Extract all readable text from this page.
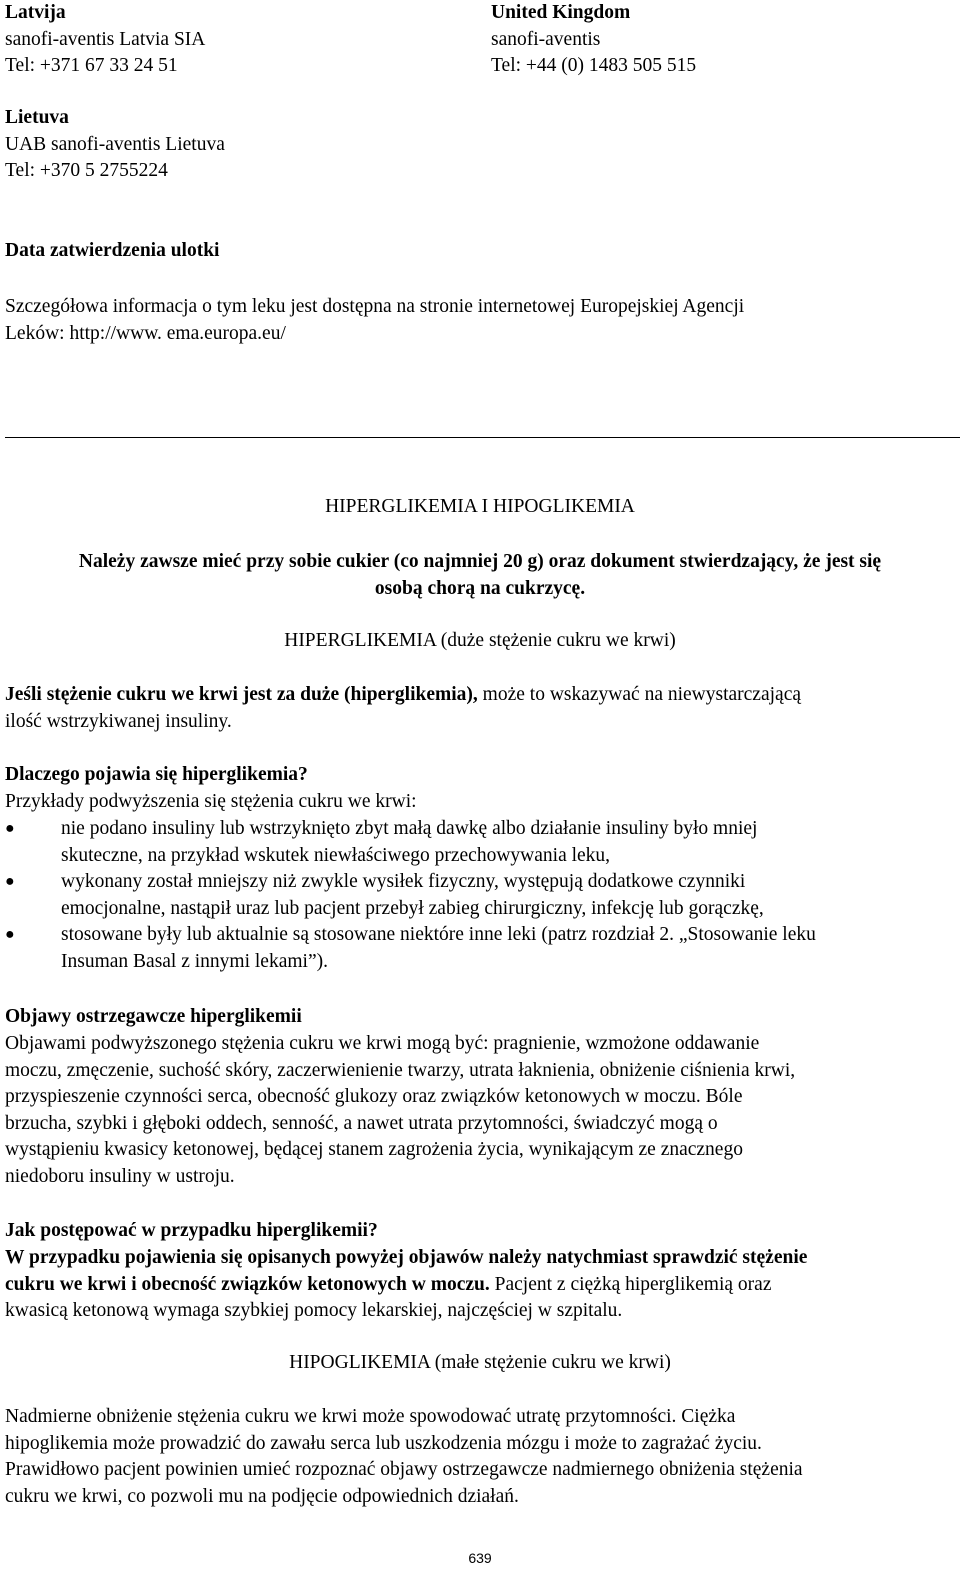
Latvija
sanofi-aventis Latvia SIA
Tel: +371 67 33 24 51
United Kingdom
sanofi-aventis
Tel: +44 (0) 1483 505 515
Lietuva
UAB sanofi-aventis Lietuva
Tel: +370 5 2755224
Data zatwierdzenia ulotki
Szczegółowa informacja o tym leku jest dostępna na stronie internetowej Europejskiej Agencji
Leków: http://www. ema.europa.eu/
HIPERGLIKEMIA I HIPOGLIKEMIA
Należy zawsze mieć przy sobie cukier (co najmniej 20 g) oraz dokument stwierdzający, że jest się
osobą chorą na cukrzycę.
HIPERGLIKEMIA (duże stężenie cukru we krwi)
Jeśli stężenie cukru we krwi jest za duże (hiperglikemia), może to wskazywać na niewystarczającą
ilość wstrzykiwanej insuliny.
Dlaczego pojawia się hiperglikemia?
Przykłady podwyższenia się stężenia cukru we krwi:
● nie podano insuliny lub wstrzyknięto zbyt małą dawkę albo działanie insuliny było mniej
skuteczne, na przykład wskutek niewłaściwego przechowywania leku,
● wykonany został mniejszy niż zwykle wysiłek fizyczny, występują dodatkowe czynniki
emocjonalne, nastąpił uraz lub pacjent przebył zabieg chirurgiczny, infekcję lub gorączkę,
● stosowane były lub aktualnie są stosowane niektóre inne leki (patrz rozdział 2. „Stosowanie leku
Insuman Basal z innymi lekami”).
Objawy ostrzegawcze hiperglikemii
Objawami podwyższonego stężenia cukru we krwi mogą być: pragnienie, wzmożone oddawanie
moczu, zmęczenie, suchość skóry, zaczerwienienie twarzy, utrata łaknienia, obniżenie ciśnienia krwi,
przyspieszenie czynności serca, obecność glukozy oraz związków ketonowych w moczu. Bóle
brzucha, szybki i głęboki oddech, senność, a nawet utrata przytomności, świadczyć mogą o
wystąpieniu kwasicy ketonowej, będącej stanem zagrożenia życia, wynikającym ze znacznego
niedoboru insuliny w ustroju.
Jak postępować w przypadku hiperglikemii?
W przypadku pojawienia się opisanych powyżej objawów należy natychmiast sprawdzić stężenie
cukru we krwi i obecność związków ketonowych w moczu. Pacjent z ciężką hiperglikemią oraz
kwasicą ketonową wymaga szybkiej pomocy lekarskiej, najczęściej w szpitalu.
HIPOGLIKEMIA (małe stężenie cukru we krwi)
Nadmierne obniżenie stężenia cukru we krwi może spowodować utratę przytomności. Ciężka
hipoglikemia może prowadzić do zawału serca lub uszkodzenia mózgu i może to zagrażać życiu.
Prawidłowo pacjent powinien umieć rozpoznać objawy ostrzegawcze nadmiernego obniżenia stężenia
cukru we krwi, co pozwoli mu na podjęcie odpowiednich działań.
639
